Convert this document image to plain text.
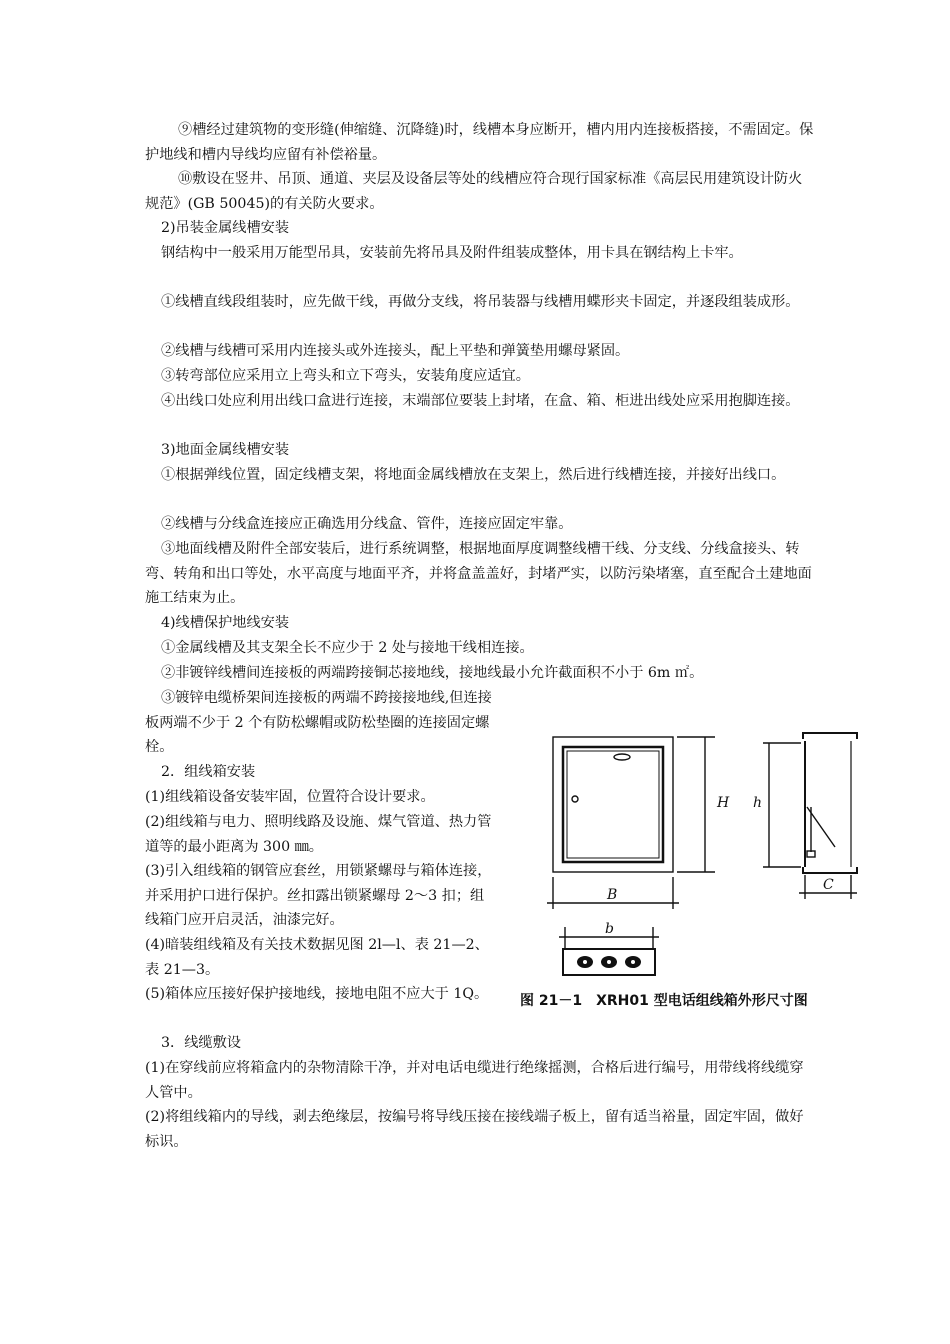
⑨槽经过建筑物的变形缝(伸缩缝、沉降缝)时，线槽本身应断开，槽内用内连接板搭接，不需固定。保护地线和槽内导线均应留有补偿裕量。

⑩敷设在竖井、吊顶、通道、夹层及设备层等处的线槽应符合现行国家标准《高层民用建筑设计防火规范》(GB 50045)的有关防火要求。

2)吊装金属线槽安装

钢结构中一般采用万能型吊具，安装前先将吊具及附件组装成整体，用卡具在钢结构上卡牢。

①线槽直线段组装时，应先做干线，再做分支线，将吊装器与线槽用蝶形夹卡固定，并逐段组装成形。

②线槽与线槽可采用内连接头或外连接头，配上平垫和弹簧垫用螺母紧固。

③转弯部位应采用立上弯头和立下弯头，安装角度应适宜。

④出线口处应利用出线口盒进行连接，末端部位要装上封堵，在盒、箱、柜进出线处应采用抱脚连接。

3)地面金属线槽安装

①根据弹线位置，固定线槽支架，将地面金属线槽放在支架上，然后进行线槽连接，并接好出线口。

②线槽与分线盒连接应正确选用分线盒、管件，连接应固定牢靠。

③地面线槽及附件全部安装后，进行系统调整，根据地面厚度调整线槽干线、分支线、分线盒接头、转弯、转角和出口等处，水平高度与地面平齐，并将盒盖盖好，封堵严实，以防污染堵塞，直至配合土建地面施工结束为止。

4)线槽保护地线安装

①金属线槽及其支架全长不应少于 2 处与接地干线相连接。

②非镀锌线槽间连接板的两端跨接铜芯接地线，接地线最小允许截面积不小于 6m ㎡。

③镀锌电缆桥架间连接板的两端不跨接接地线,但连接板两端不少于 2 个有防松螺帽或防松垫圈的连接固定螺栓。

2．组线箱安装

(1)组线箱设备安装牢固，位置符合设计要求。

(2)组线箱与电力、照明线路及设施、煤气管道、热力管道等的最小距离为 300 ㎜。

(3)引入组线箱的钢管应套丝，用锁紧螺母与箱体连接，并采用护口进行保护。丝扣露出锁紧螺母 2～3 扣；组线箱门应开启灵活，油漆完好。

(4)暗装组线箱及有关技术数据见图 2l—l、表 21—2、表 21—3。

(5)箱体应压接好保护接地线，接地电阻不应大于 1Q。

3．线缆敷设

(1)在穿线前应将箱盒内的杂物清除干净，并对电话电缆进行绝缘摇测，合格后进行编号，用带线将线缆穿人管中。

(2)将组线箱内的导线，剥去绝缘层，按编号将导线压接在接线端子板上，留有适当裕量，固定牢固，做好标识。

H h
B
C
b
图 21－1　XRH01 型电话组线箱外形尺寸图
